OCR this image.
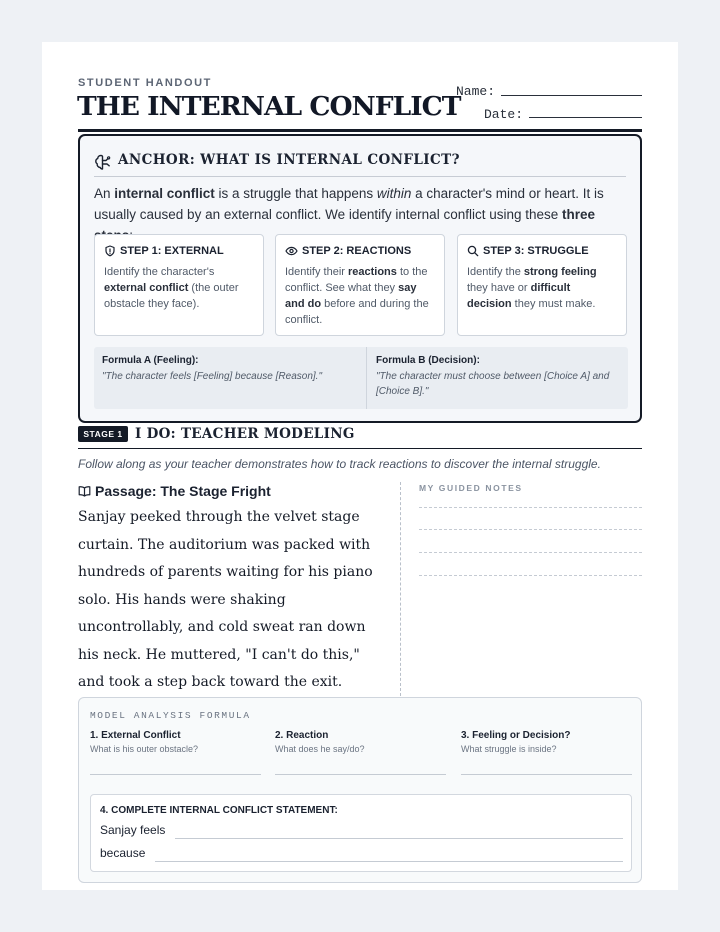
STUDENT HANDOUT
THE INTERNAL CONFLICT
Name:
Date:
ANCHOR: WHAT IS INTERNAL CONFLICT?
An internal conflict is a struggle that happens within a character's mind or heart. It is usually caused by an external conflict. We identify internal conflict using these three
STEP 1: EXTERNAL
Identify the character's external conflict (the outer obstacle they face).
STEP 2: REACTIONS
Identify their reactions to the conflict. See what they say and do before and during the conflict.
STEP 3: STRUGGLE
Identify the strong feeling they have or difficult decision they must make.
Formula A (Feeling):
"The character feels [Feeling] because [Reason]."
Formula B (Decision):
"The character must choose between [Choice A] and [Choice B]."
STAGE 1 I DO: TEACHER MODELING
Follow along as your teacher demonstrates how to track reactions to discover the internal struggle.
Passage: The Stage Fright
Sanjay peeked through the velvet stage curtain. The auditorium was packed with hundreds of parents waiting for his piano solo. His hands were shaking uncontrollably, and cold sweat ran down his neck. He muttered, "I can't do this," and took a step back toward the exit.
MY GUIDED NOTES
MODEL ANALYSIS FORMULA
1. External Conflict
What is his outer obstacle?
2. Reaction
What does he say/do?
3. Feeling or Decision?
What struggle is inside?
4. COMPLETE INTERNAL CONFLICT STATEMENT:
Sanjay feels
because
